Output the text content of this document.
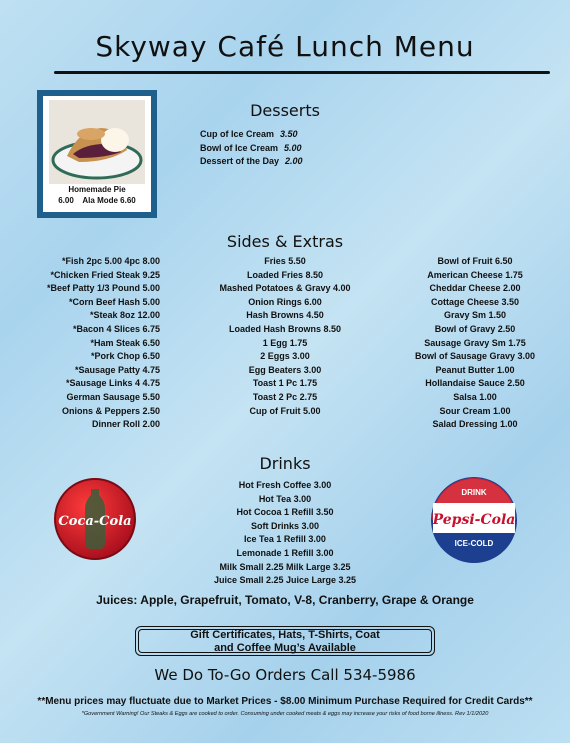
Skyway Café Lunch Menu
Homemade Pie
6.00    Ala Mode 6.60
Desserts
Cup of Ice Cream 3.50
Bowl of Ice Cream 5.00
Dessert of the Day 2.00
Sides & Extras
*Fish 2pc 5.00 4pc 8.00
*Chicken Fried Steak 9.25
*Beef Patty 1/3 Pound 5.00
*Corn Beef Hash 5.00
*Steak 8oz 12.00
*Bacon 4 Slices 6.75
*Ham Steak 6.50
*Pork Chop 6.50
*Sausage Patty 4.75
*Sausage Links 4 4.75
German Sausage 5.50
Onions & Peppers 2.50
Dinner Roll 2.00
Fries 5.50
Loaded Fries 8.50
Mashed Potatoes & Gravy 4.00
Onion Rings 6.00
Hash Browns 4.50
Loaded Hash Browns 8.50
1 Egg 1.75
2 Eggs 3.00
Egg Beaters 3.00
Toast 1 Pc 1.75
Toast 2 Pc 2.75
Cup of Fruit 5.00
Bowl of Fruit 6.50
American Cheese 1.75
Cheddar Cheese 2.00
Cottage Cheese 3.50
Gravy Sm 1.50
Bowl of Gravy 2.50
Sausage Gravy Sm 1.75
Bowl of Sausage Gravy 3.00
Peanut Butter 1.00
Hollandaise Sauce 2.50
Salsa 1.00
Sour Cream 1.00
Salad Dressing 1.00
Drinks
Hot Fresh Coffee 3.00
Hot Tea 3.00
Hot Cocoa 1 Refill 3.50
Soft Drinks 3.00
Ice Tea 1 Refill 3.00
Lemonade 1 Refill 3.00
Milk Small 2.25 Milk Large 3.25
Juice Small 2.25 Juice Large 3.25
Coca-Cola
DRINK
Pepsi-Cola
ICE-COLD
Juices: Apple, Grapefruit, Tomato, V-8, Cranberry, Grape & Orange
Gift Certificates, Hats, T-Shirts, Coat
and Coffee Mug’s Available
We Do To-Go Orders Call 534-5986
**Menu prices may fluctuate due to Market Prices - $8.00 Minimum Purchase Required for Credit Cards**
*Government Warning! Our Steaks & Eggs are cooked to order. Consuming under cooked meats & eggs may increase your risks of food borne illness. Rev 1/1/2020
